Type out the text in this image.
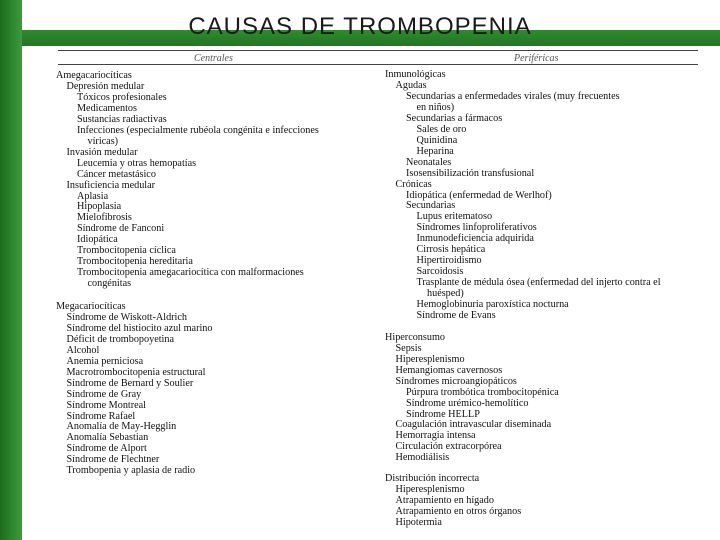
CAUSAS DE TROMBOPENIA
Centrales	Periféricas
Amegacariocíticas
Depresión medular
Tóxicos profesionales
Medicamentos
Sustancias radiactivas
Infecciones (especialmente rubéola congénita e infecciones
víricas)
Invasión medular
Leucemia y otras hemopatías
Cáncer metastásico
Insuficiencia medular
Aplasia
Hipoplasia
Mielofibrosis
Síndrome de Fanconi
Idiopática
Trombocitopenia cíclica
Trombocitopenia hereditaria
Trombocitopenia amegacariocítica con malformaciones
congénitas
Megacariocíticas
Síndrome de Wiskott-Aldrich
Síndrome del histiocito azul marino
Déficit de trombopoyetina
Alcohol
Anemia perniciosa
Macrotrombocitopenia estructural
Síndrome de Bernard y Soulier
Síndrome de Gray
Síndrome Montreal
Síndrome Rafael
Anomalía de May-Hegglin
Anomalía Sebastian
Síndrome de Alport
Síndrome de Flechtner
Trombopenia y aplasia de radio
Inmunológicas
Agudas
Secundarias a enfermedades virales (muy frecuentes
en niños)
Secundarias a fármacos
Sales de oro
Quinidina
Heparina
Neonatales
Isosensibilización transfusional
Crónicas
Idiopática (enfermedad de Werlhof)
Secundarias
Lupus eritematoso
Síndromes linfoproliferativos
Inmunodeficiencia adquirida
Cirrosis hepática
Hipertiroidismo
Sarcoidosis
Trasplante de médula ósea (enfermedad del injerto contra el
huésped)
Hemoglobinuria paroxística nocturna
Síndrome de Evans
Hiperconsumo
Sepsis
Hiperesplenismo
Hemangiomas cavernosos
Síndromes microangiopáticos
Púrpura trombótica trombocitopénica
Síndrome urémico-hemolítico
Síndrome HELLP
Coagulación intravascular diseminada
Hemorragia intensa
Circulación extracorpórea
Hemodiálisis
Distribución incorrecta
Hiperesplenismo
Atrapamiento en hígado
Atrapamiento en otros órganos
Hipotermia
